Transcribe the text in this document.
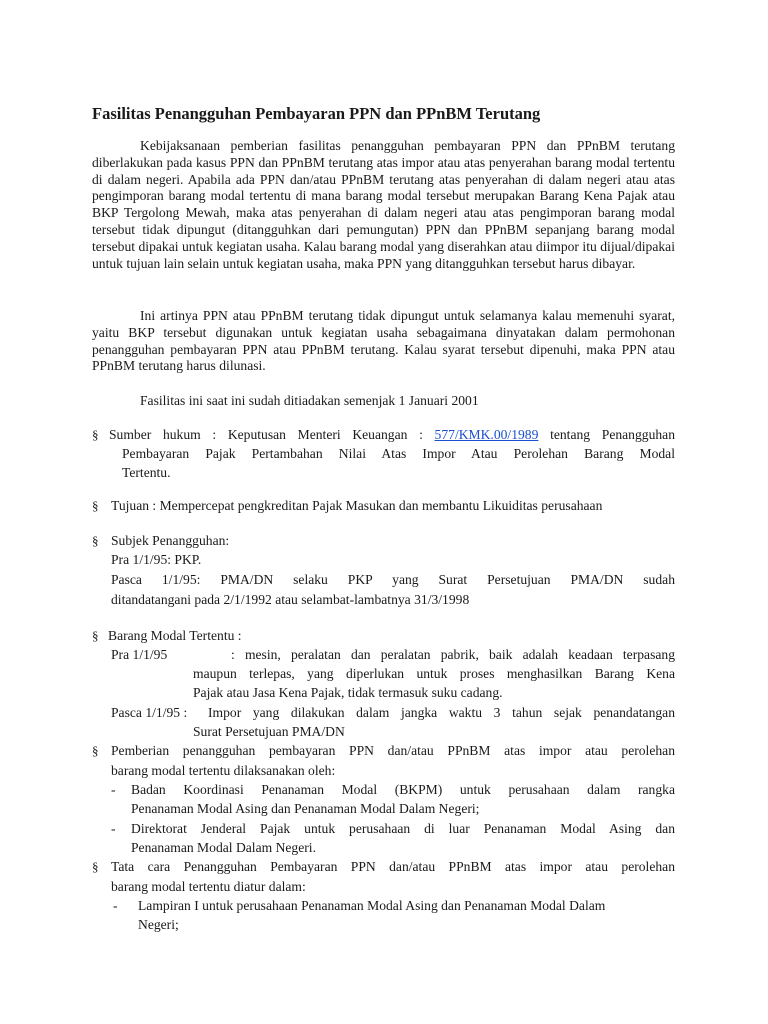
Fasilitas Penangguhan Pembayaran PPN dan PPnBM Terutang

Kebijaksanaan pemberian fasilitas penangguhan pembayaran PPN dan PPnBM terutang diberlakukan pada kasus PPN dan PPnBM terutang atas impor atau atas penyerahan barang modal tertentu di dalam negeri. Apabila ada PPN dan/atau PPnBM terutang atas penyerahan di dalam negeri atau atas pengimporan barang modal tertentu di mana barang modal tersebut merupakan Barang Kena Pajak atau BKP Tergolong Mewah, maka atas penyerahan di dalam negeri atau atas pengimporan barang modal tersebut tidak dipungut (ditangguhkan dari pemungutan) PPN dan PPnBM sepanjang barang modal tersebut dipakai untuk kegiatan usaha. Kalau barang modal yang diserahkan atau diimpor itu dijual/dipakai untuk tujuan lain selain untuk kegiatan usaha, maka PPN yang ditangguhkan tersebut harus dibayar.

Ini artinya PPN atau PPnBM terutang tidak dipungut untuk selamanya kalau memenuhi syarat, yaitu BKP tersebut digunakan untuk kegiatan usaha sebagaimana dinyatakan dalam permohonan penangguhan pembayaran PPN atau PPnBM terutang. Kalau syarat tersebut dipenuhi, maka PPN atau PPnBM terutang harus dilunasi.

Fasilitas ini saat ini sudah ditiadakan semenjak 1 Januari 2001
§ Sumber hukum : Keputusan Menteri Keuangan : 577/KMK.00/1989 tentang Penangguhan
Pembayaran Pajak Pertambahan Nilai Atas Impor Atau Perolehan Barang Modal
Tertentu.
§ Tujuan : Mempercepat pengkreditan Pajak Masukan dan membantu Likuiditas perusahaan
§ Subjek Penangguhan:
Pra 1/1/95: PKP.
Pasca 1/1/95: PMA/DN selaku PKP yang Surat Persetujuan PMA/DN sudah
ditandatangani pada 2/1/1992 atau selambat-lambatnya 31/3/1998
§ Barang Modal Tertentu :
Pra 1/1/95	: mesin, peralatan dan peralatan pabrik, baik adalah keadaan terpasang
maupun terlepas, yang diperlukan untuk proses menghasilkan Barang Kena
Pajak atau Jasa Kena Pajak, tidak termasuk suku cadang.
Pasca 1/1/95 : Impor yang dilakukan dalam jangka waktu 3 tahun sejak penandatangan
Surat Persetujuan PMA/DN
§ Pemberian penangguhan pembayaran PPN dan/atau PPnBM atas impor atau perolehan
barang modal tertentu dilaksanakan oleh:
- Badan Koordinasi Penanaman Modal (BKPM) untuk perusahaan dalam rangka
Penanaman Modal Asing dan Penanaman Modal Dalam Negeri;
- Direktorat Jenderal Pajak untuk perusahaan di luar Penanaman Modal Asing dan
Penanaman Modal Dalam Negeri.
§ Tata cara Penangguhan Pembayaran PPN dan/atau PPnBM atas impor atau perolehan
barang modal tertentu diatur dalam:
- Lampiran I untuk perusahaan Penanaman Modal Asing dan Penanaman Modal Dalam
Negeri;
